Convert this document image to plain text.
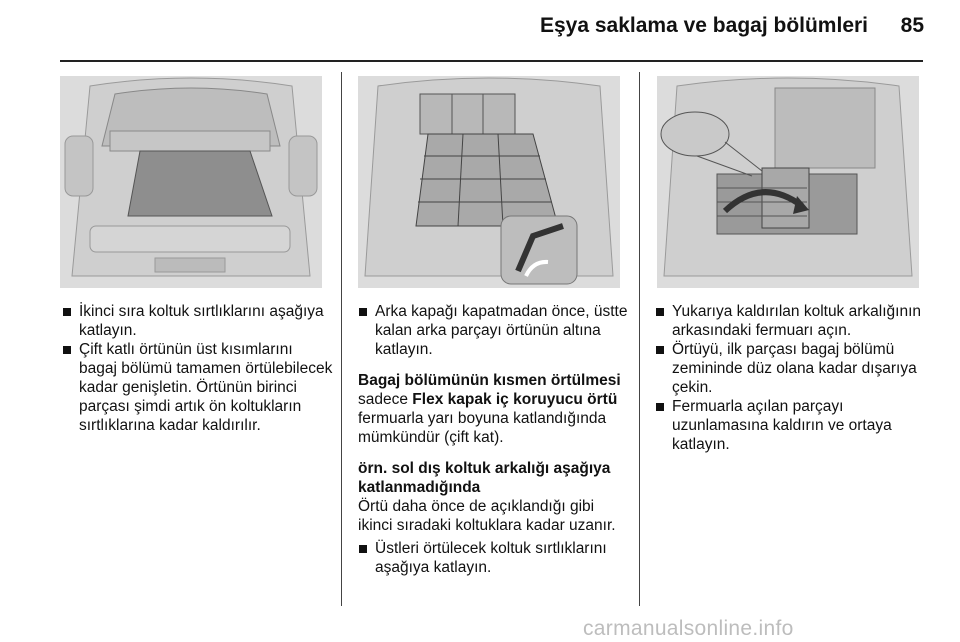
Eşya saklama ve bagaj bölümleri	85

İkinci sıra koltuk sırtlıklarını aşağıya katlayın.

Çift katlı örtünün üst kısımlarını bagaj bölümü tamamen örtülebilecek kadar genişletin. Örtünün birinci parçası şimdi artık ön koltukların sırtlıklarına kadar kaldırılır.

Arka kapağı kapatmadan önce, üstte kalan arka parçayı örtünün altına katlayın.

Bagaj bölümünün kısmen örtülmesi

sadece Flex kapak iç koruyucu örtü fermuarla yarı boyuna katlandığında mümkündür (çift kat).

örn. sol dış koltuk arkalığı aşağıya katlanmadığında

Örtü daha önce de açıklandığı gibi ikinci sıradaki koltuklara kadar uzanır.

Üstleri örtülecek koltuk sırtlıklarını aşağıya katlayın.

Yukarıya kaldırılan koltuk arkalığının arkasındaki fermuarı açın.

Örtüyü, ilk parçası bagaj bölümü zemininde düz olana kadar dışarıya çekin.

Fermuarla açılan parçayı uzunlamasına kaldırın ve ortaya katlayın.

carmanualsonline.info
